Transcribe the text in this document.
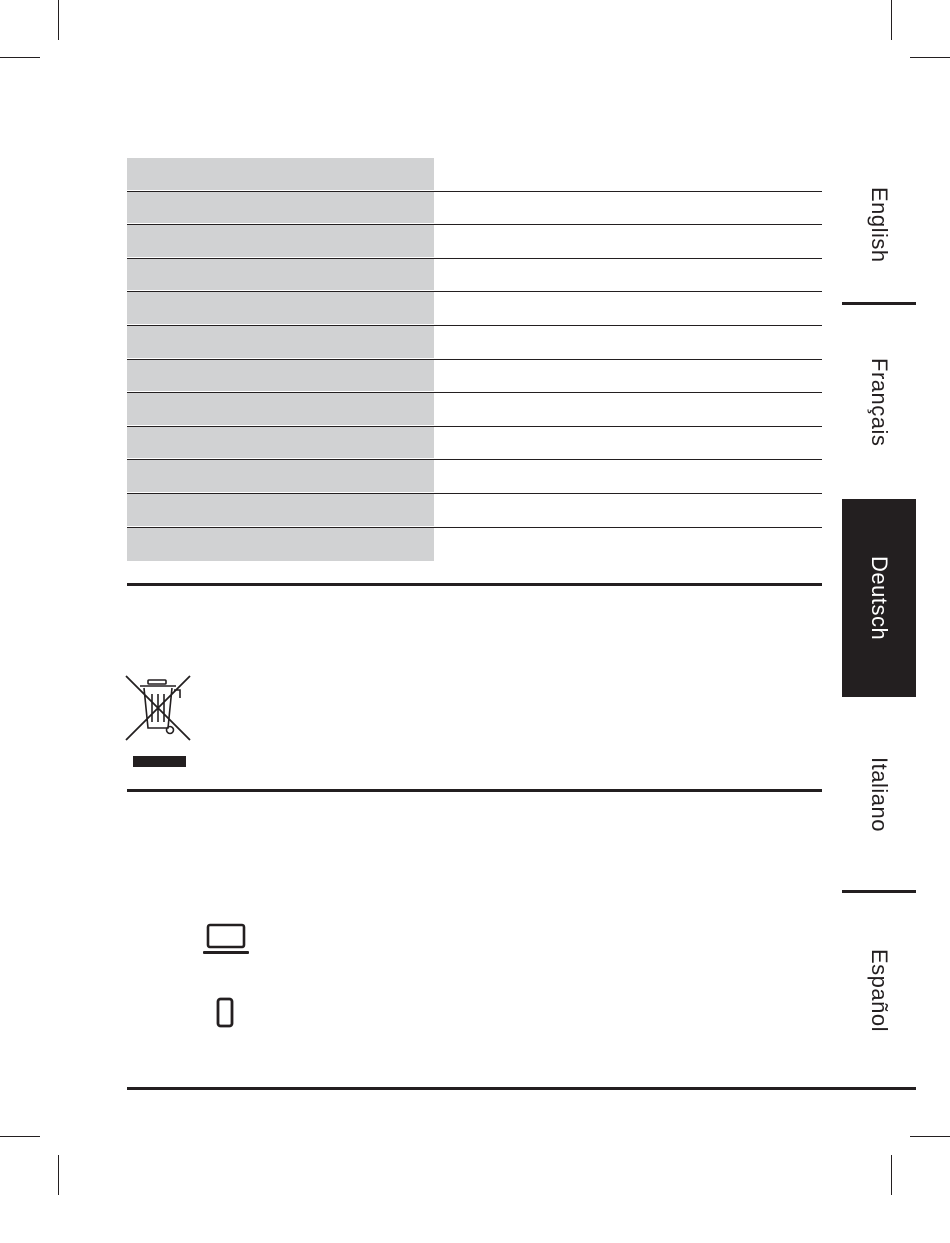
English
Français
Deutsch
Italiano
Español
